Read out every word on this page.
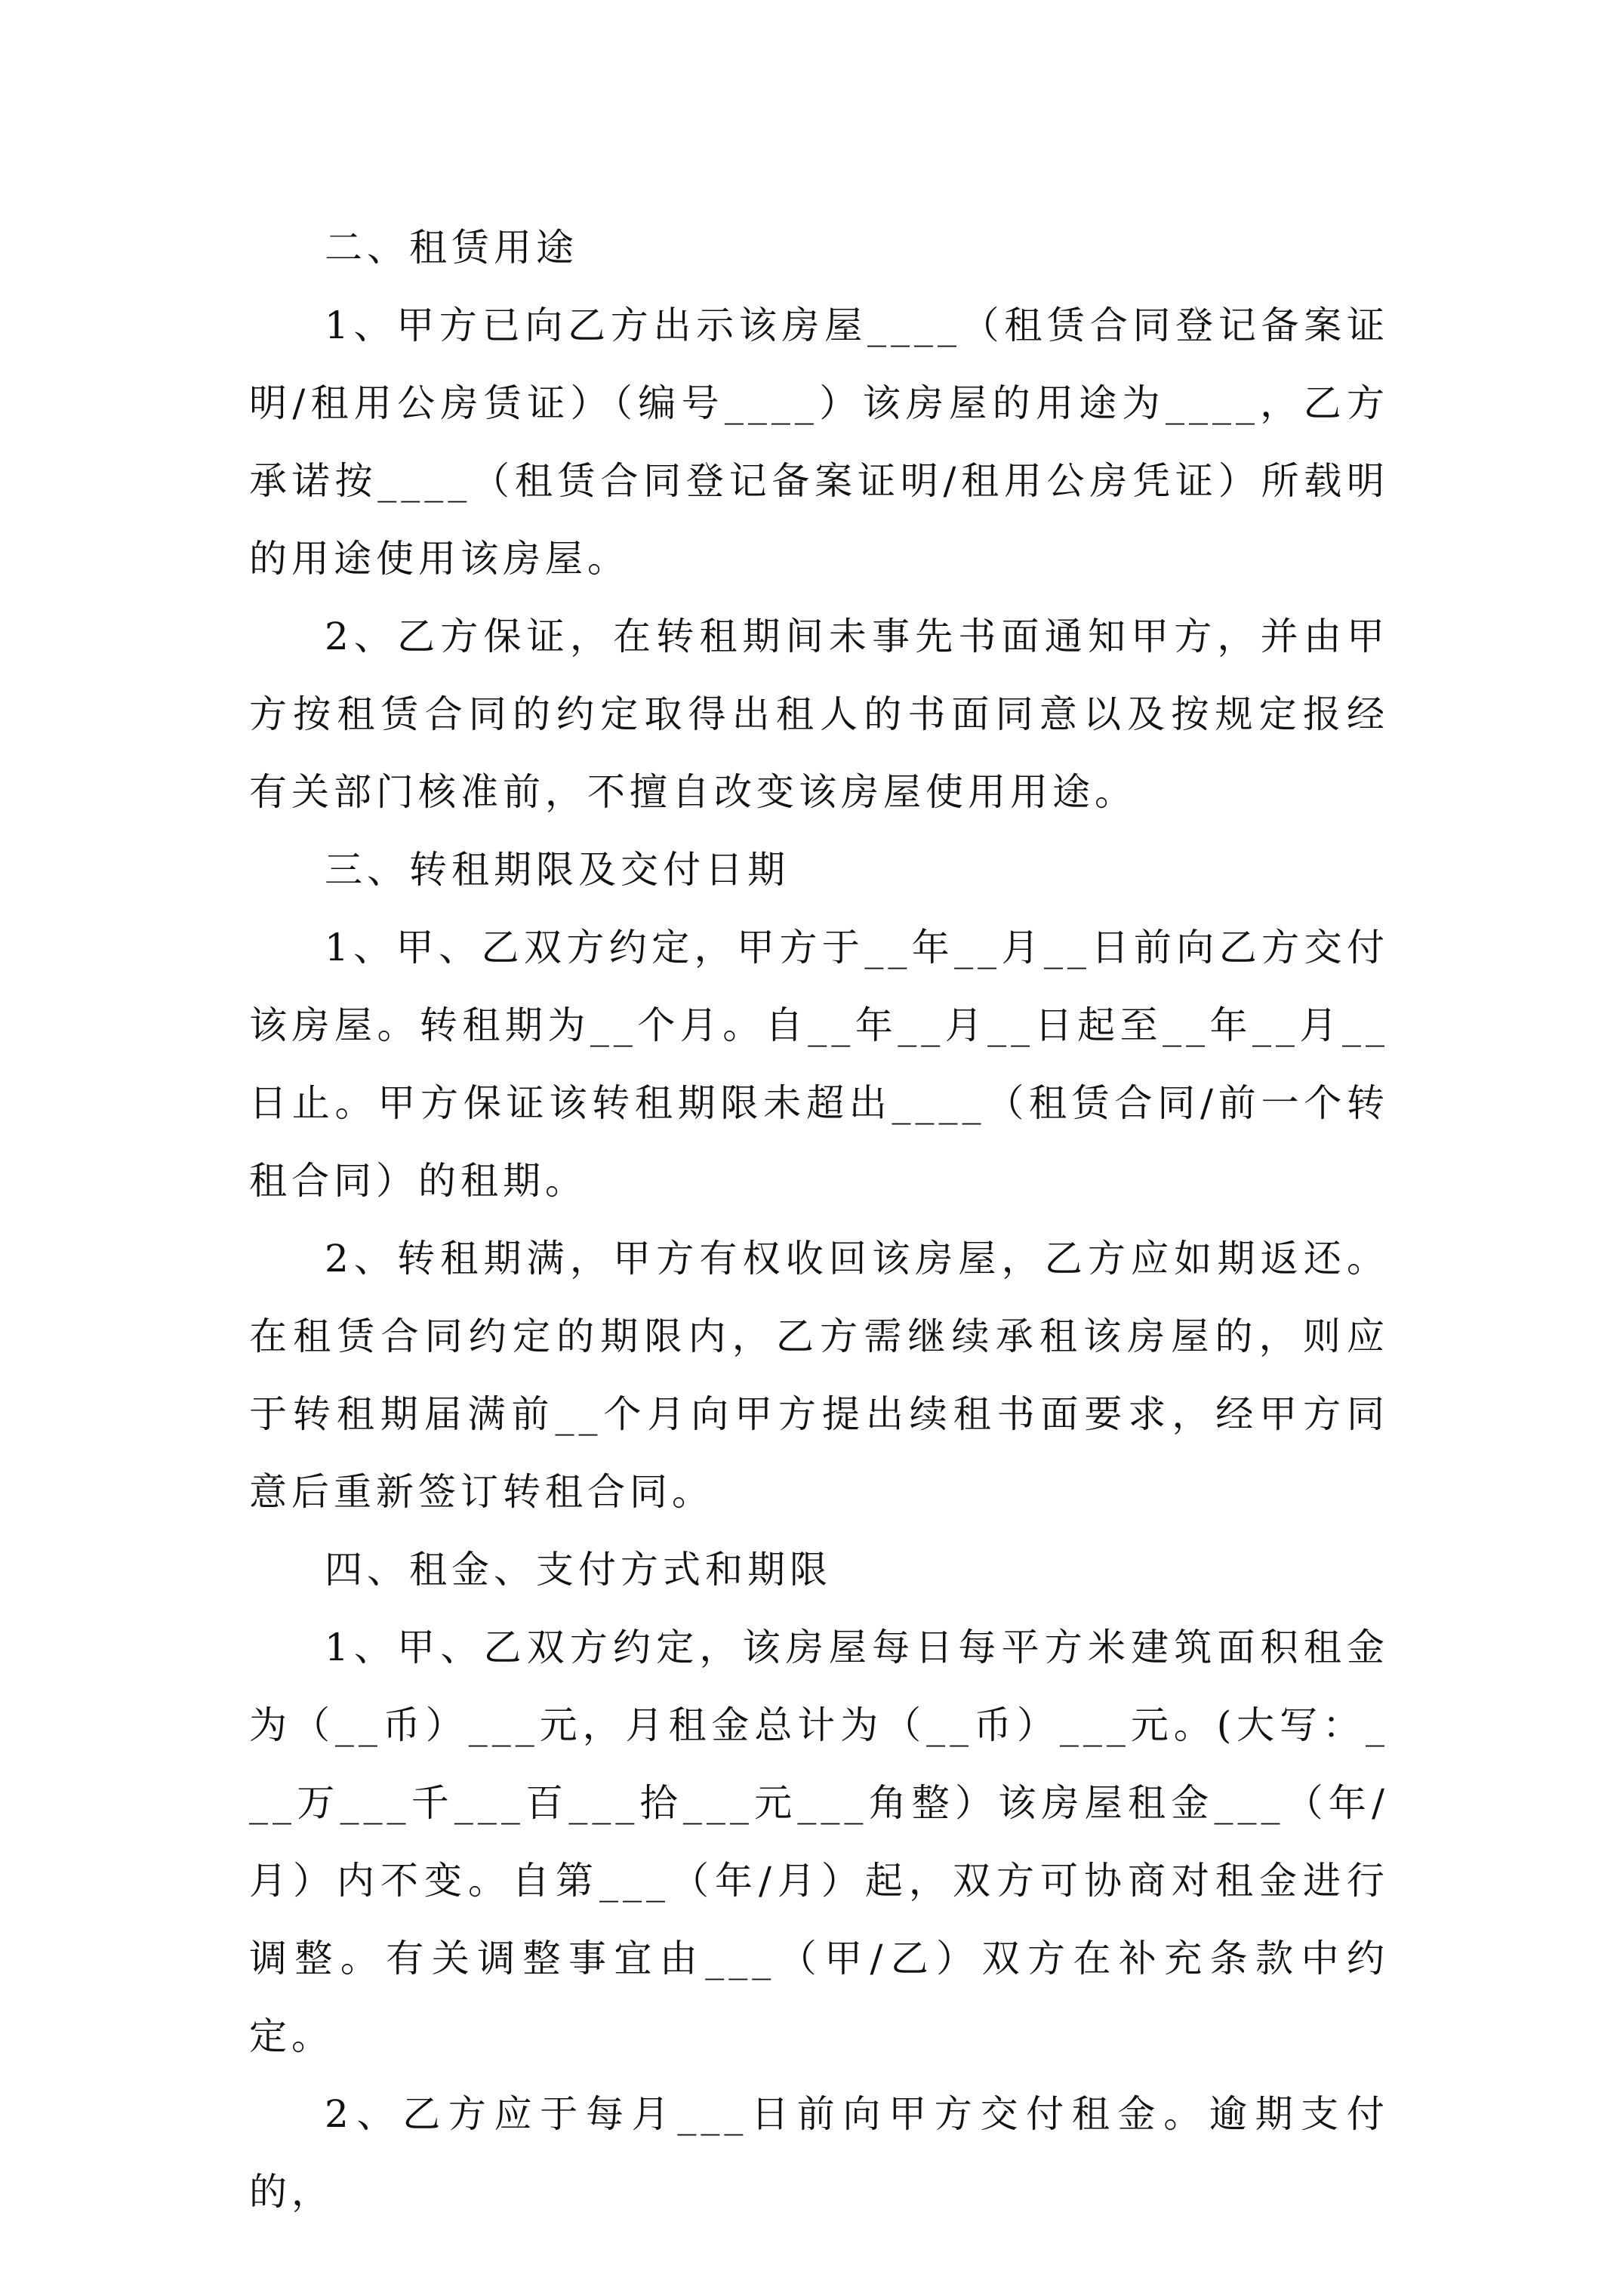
二、租赁用途

1、甲方已向乙方出示该房屋____（租赁合同登记备案证明/租用公房赁证）（编号____）该房屋的用途为____，乙方承诺按____（租赁合同登记备案证明/租用公房凭证）所载明的用途使用该房屋。

2、乙方保证，在转租期间未事先书面通知甲方，并由甲方按租赁合同的约定取得出租人的书面同意以及按规定报经有关部门核准前，不擅自改变该房屋使用用途。

三、转租期限及交付日期

1、甲、乙双方约定，甲方于__年__月__日前向乙方交付该房屋。转租期为__个月。自__年__月__日起至__年__月__日止。甲方保证该转租期限未超出____（租赁合同/前一个转租合同）的租期。

2、转租期满，甲方有权收回该房屋，乙方应如期返还。在租赁合同约定的期限内，乙方需继续承租该房屋的，则应于转租期届满前__个月向甲方提出续租书面要求，经甲方同意后重新签订转租合同。

四、租金、支付方式和期限

1、甲、乙双方约定，该房屋每日每平方米建筑面积租金为（__币）___元，月租金总计为（__币）___元。(大写：___万___千___百___拾___元___角整）该房屋租金___（年/月）内不变。自第___（年/月）起，双方可协商对租金进行调整。有关调整事宜由___（甲/乙）双方在补充条款中约定。

2、乙方应于每月___日前向甲方交付租金。逾期支付的，
